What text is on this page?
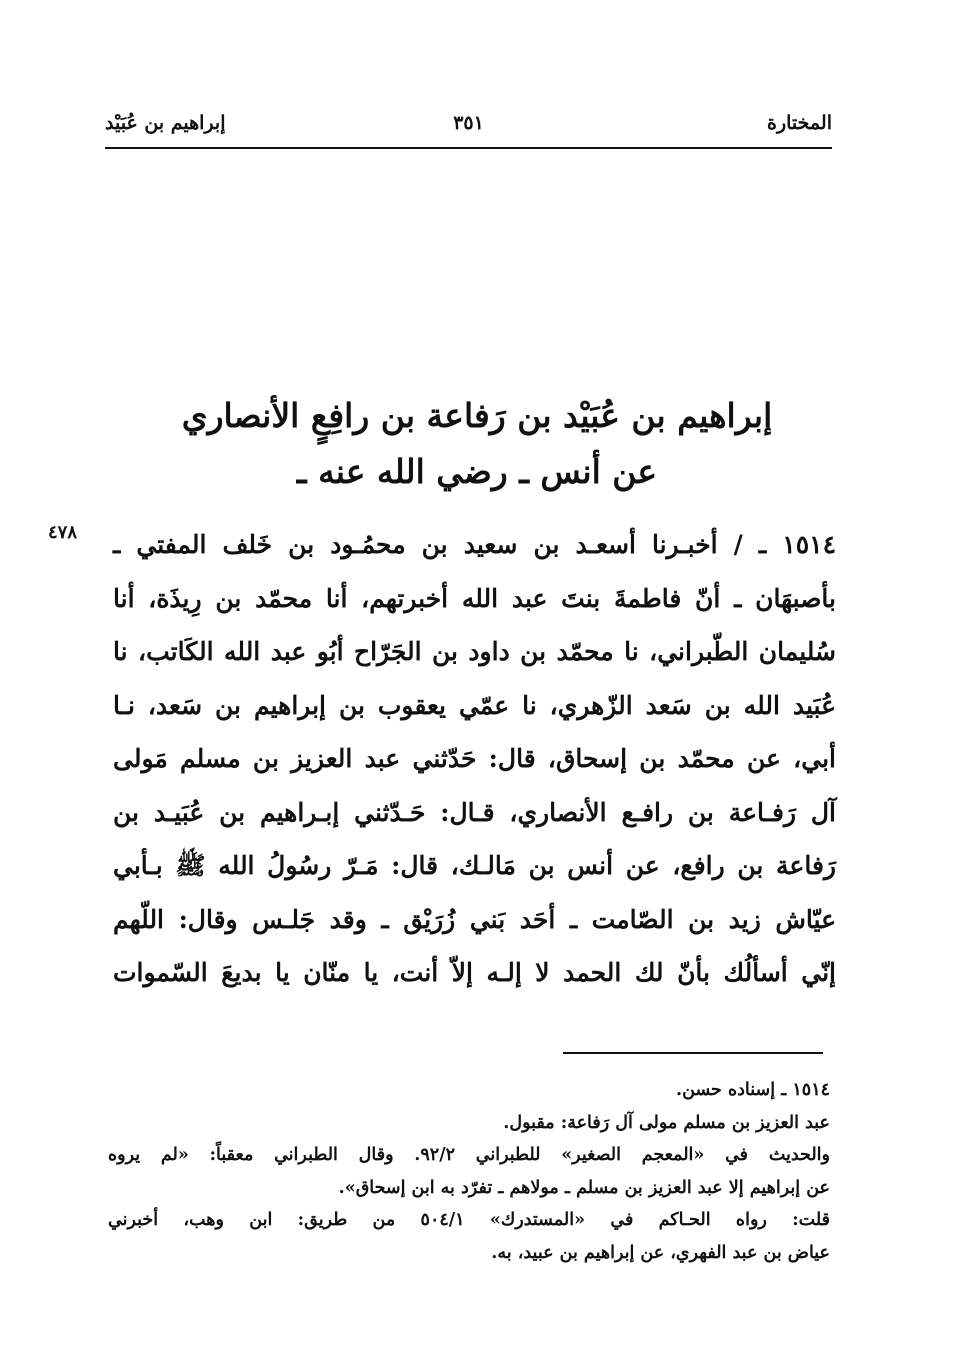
المختارة
٣٥١
إبراهيم بن عُبَيْد
إبراهيم بن عُبَيْد بن رَفاعة بن رافِعٍ الأنصاري
عن أنس ـ رضي الله عنه ـ
٤٧٨ ١٥١٤ ـ / أخبـرنا أسعـد بن سعيد بن محمُـود بن خَلف المفتي ـ
بأصبهَان ـ أنّ فاطمةَ بنتَ عبد الله أخبرتهم، أنا محمّد بن رِيذَة، أنا
سُليمان الطّبراني، نا محمّد بن داود بن الجَرّاح أبُو عبد الله الكَاتب، نا
عُبَيد الله بن سَعد الزّهري، نا عمّي يعقوب بن إبراهيم بن سَعد، نـا
أبي، عن محمّد بن إسحاق، قال: حَدّثني عبد العزيز بن مسلم مَولى
آل رَفـاعة بن رافـع الأنصاري، قـال: حَـدّثني إبـراهيم بن عُبَيـد بن
رَفاعة بن رافع، عن أنس بن مَالـك، قال: مَـرّ رسُولُ الله ﷺ بـأبي
عيّاش زيد بن الصّامت ـ أحَد بَني زُرَيْق ـ وقد جَلـس وقال: اللّهم
إنّي أسألُك بأنّ لك الحمد لا إلـه إلاّ أنت، يا منّان يا بديعَ السّموات
١٥١٤ ـ إسناده حسن.
عبد العزيز بن مسلم مولى آل رَفاعة: مقبول.
والحديث في «المعجم الصغير» للطبراني ٩٢/٢. وقال الطبراني معقباً: «لم يروه
عن إبراهيم إلا عبد العزيز بن مسلم ـ مولاهم ـ تفرّد به ابن إسحاق».
قلت: رواه الحـاكم في «المستدرك» ٥٠٤/١ من طريق: ابن وهب، أخبرني
عياض بن عبد الفهري، عن إبراهيم بن عبيد، به.
